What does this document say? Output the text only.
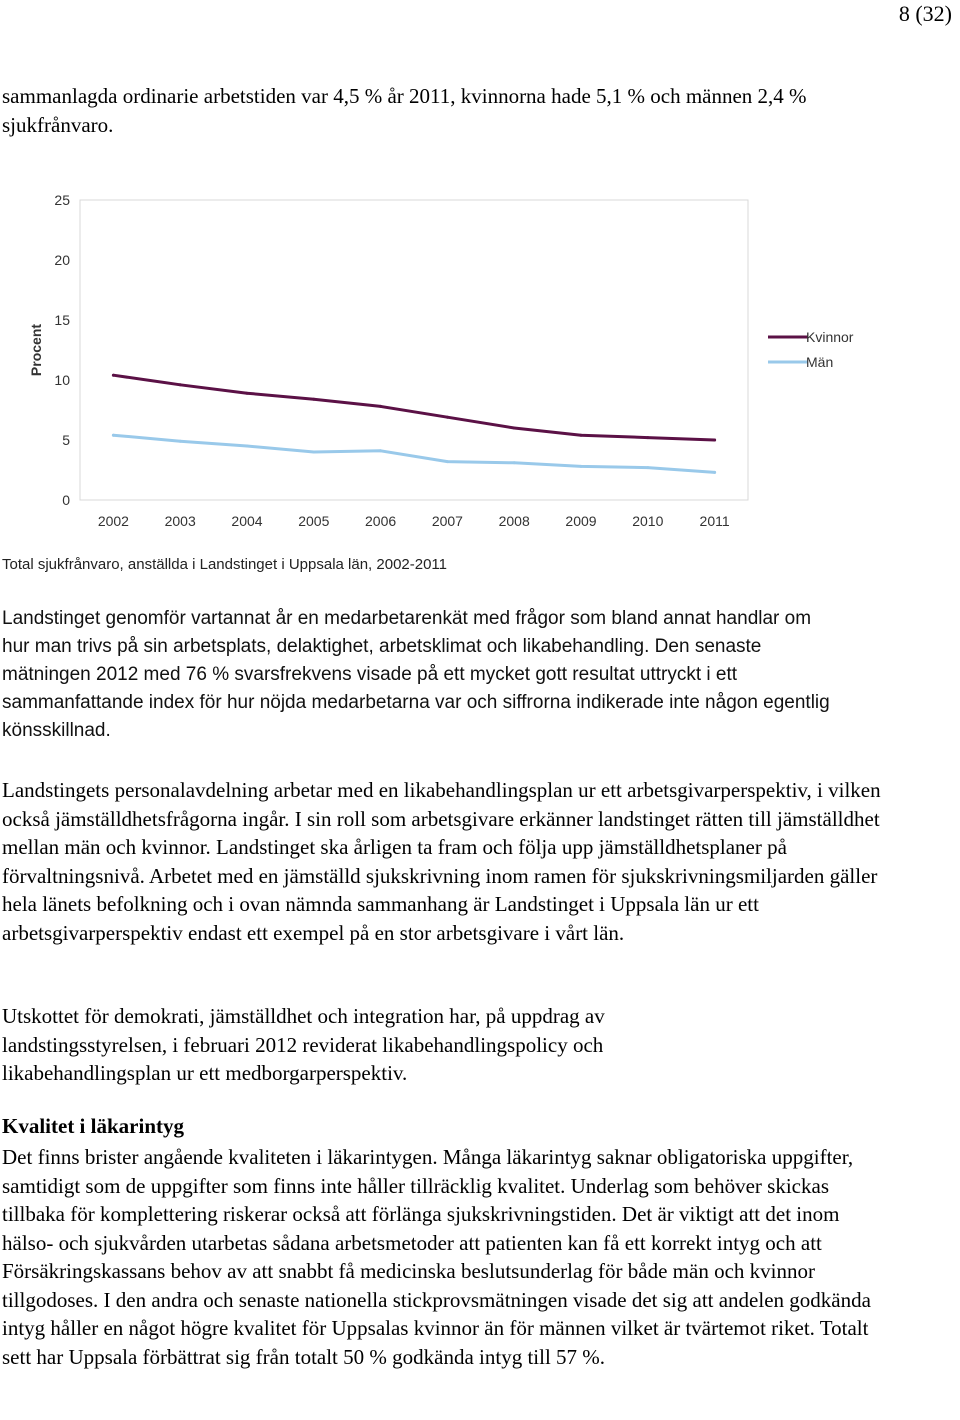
8 (32)

sammanlagda ordinarie arbetstiden var 4,5 % år 2011, kvinnorna hade 5,1 % och männen 2,4 % sjukfrånvaro.

0
5
10
15
20
25
2002	2003	2004	2005	2006	2007	2008	2009	2010	2011
Procent	Kvinnor
Män
Total sjukfrånvaro, anställda i Landstinget i Uppsala län, 2002-2011

Landstinget genomför vartannat år en medarbetarenkät med frågor som bland annat handlar om hur man trivs på sin arbetsplats, delaktighet, arbetsklimat och likabehandling. Den senaste mätningen 2012 med 76 % svarsfrekvens visade på ett mycket gott resultat uttryckt i ett sammanfattande index för hur nöjda medarbetarna var och siffrorna indikerade inte någon egentlig könsskillnad.

Landstingets personalavdelning arbetar med en likabehandlingsplan ur ett arbetsgivarperspektiv, i vilken också jämställdhetsfrågorna ingår. I sin roll som arbetsgivare erkänner landstinget rätten till jämställdhet mellan män och kvinnor. Landstinget ska årligen ta fram och följa upp jämställdhetsplaner på förvaltningsnivå. Arbetet med en jämställd sjukskrivning inom ramen för sjukskrivningsmiljarden gäller hela länets befolkning och i ovan nämnda sammanhang är Landstinget i Uppsala län ur ett arbetsgivarperspektiv endast ett exempel på en stor arbetsgivare i vårt län.

Utskottet för demokrati, jämställdhet och integration har, på uppdrag av landstingsstyrelsen, i februari 2012 reviderat likabehandlingspolicy och likabehandlingsplan ur ett medborgarperspektiv.

Kvalitet i läkarintyg

Det finns brister angående kvaliteten i läkarintygen. Många läkarintyg saknar obligatoriska uppgifter, samtidigt som de uppgifter som finns inte håller tillräcklig kvalitet. Underlag som behöver skickas tillbaka för komplettering riskerar också att förlänga sjukskrivningstiden. Det är viktigt att det inom hälso- och sjukvården utarbetas sådana arbetsmetoder att patienten kan få ett korrekt intyg och att Försäkringskassans behov av att snabbt få medicinska beslutsunderlag för både män och kvinnor tillgodoses. I den andra och senaste nationella stickprovsmätningen visade det sig att andelen godkända intyg håller en något högre kvalitet för Uppsalas kvinnor än för männen vilket är tvärtemot riket. Totalt sett har Uppsala förbättrat sig från totalt 50 % godkända intyg till 57 %.
